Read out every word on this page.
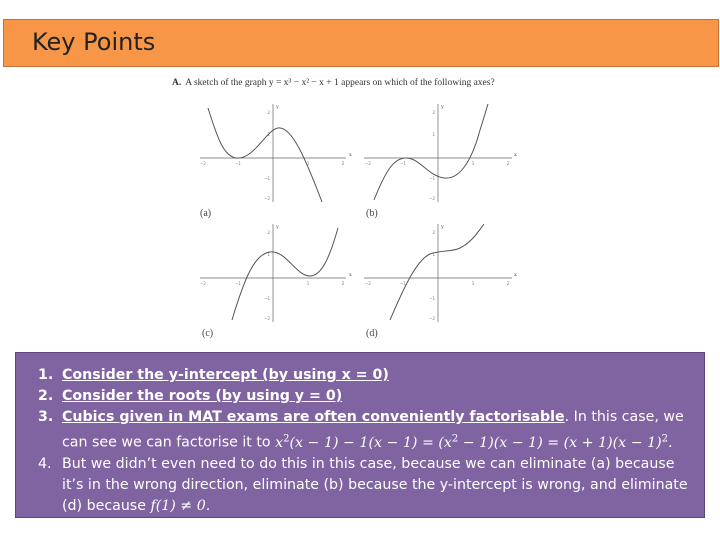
Key Points
A. A sketch of the graph y = x³ − x² − x + 1 appears on which of the following axes?
−2	−1	1	2
2
1
−1
−2
x
y
(a)
−2	−1	1	2
2
1
−1
−2
x
y
(b)
−2	−1	1	2
2
1
−1
−2
x
y
(c)
−2	−1	1	2
2
1
−1
−2
x
y
(d)
1. Consider the y-intercept (by using x = 0)
2. Consider the roots (by using y = 0)
3. Cubics given in MAT exams are often conveniently factorisable. In this case, we can see we can factorise it to $x^2(x - 1) - 1(x - 1) = (x^2 - 1)(x - 1) = (x + 1)(x - 1)^2$.
4. But we didn’t even need to do this in this case, because we can eliminate (a) because it’s in the wrong direction, eliminate (b) because the y-intercept is wrong, and eliminate (d) because f(1) ≠ 0.
